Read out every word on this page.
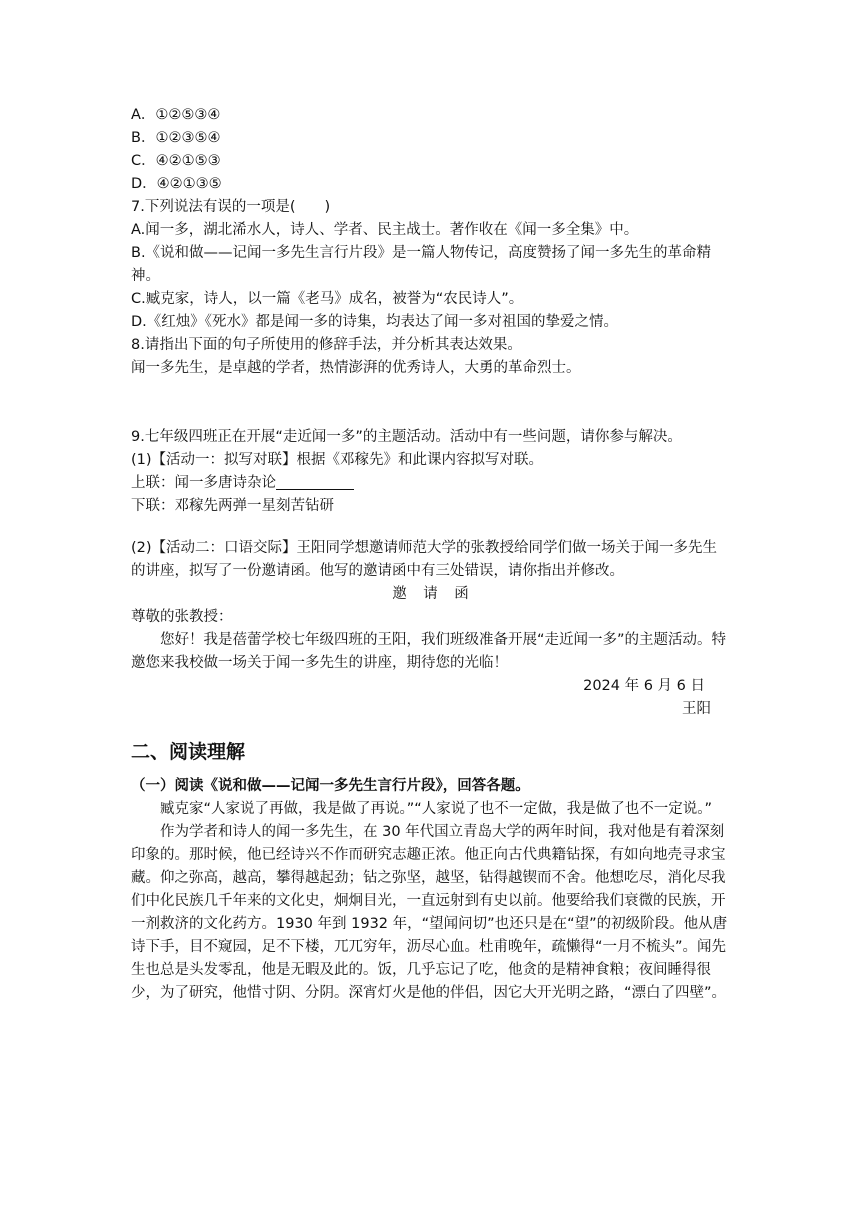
A．①②⑤③④

B．①②③⑤④

C．④②①⑤③

D．④②①③⑤

7.下列说法有误的一项是(　　)

A.闻一多，湖北浠水人，诗人、学者、民主战士。著作收在《闻一多全集》中。

B.《说和做——记闻一多先生言行片段》是一篇人物传记，高度赞扬了闻一多先生的革命精神。

C.臧克家，诗人，以一篇《老马》成名，被誉为“农民诗人”。

D.《红烛》《死水》都是闻一多的诗集，均表达了闻一多对祖国的挚爱之情。

8.请指出下面的句子所使用的修辞手法，并分析其表达效果。

闻一多先生，是卓越的学者，热情澎湃的优秀诗人，大勇的革命烈士。

9.七年级四班正在开展“走近闻一多”的主题活动。活动中有一些问题，请你参与解决。

(1)【活动一：拟写对联】根据《邓稼先》和此课内容拟写对联。

上联：闻一多唐诗杂论

下联：邓稼先两弹一星刻苦钻研

(2)【活动二：口语交际】王阳同学想邀请师范大学的张教授给同学们做一场关于闻一多先生的讲座，拟写了一份邀请函。他写的邀请函中有三处错误，请你指出并修改。

邀　请　函

尊敬的张教授：

您好！我是蓓蕾学校七年级四班的王阳，我们班级准备开展“走近闻一多”的主题活动。特邀您来我校做一场关于闻一多先生的讲座，期待您的光临！

2024 年 6 月 6 日

王阳

二、阅读理解

（一）阅读《说和做——记闻一多先生言行片段》，回答各题。

臧克家“人家说了再做，我是做了再说。”“人家说了也不一定做，我是做了也不一定说。”

作为学者和诗人的闻一多先生，在 30 年代国立青岛大学的两年时间，我对他是有着深刻印象的。那时候，他已经诗兴不作而研究志趣正浓。他正向古代典籍钻探，有如向地壳寻求宝藏。仰之弥高，越高，攀得越起劲；钻之弥坚，越坚，钻得越锲而不舍。他想吃尽，消化尽我们中化民族几千年来的文化史，炯炯目光，一直远射到有史以前。他要给我们衰微的民族，开一剂救济的文化药方。1930 年到 1932 年，“望闻问切”也还只是在“望”的初级阶段。他从唐诗下手，目不窥园，足不下楼，兀兀穷年，沥尽心血。杜甫晚年，疏懒得“一月不梳头”。闻先生也总是头发零乱，他是无暇及此的。饭，几乎忘记了吃，他贪的是精神食粮；夜间睡得很少，为了研究，他惜寸阴、分阴。深宵灯火是他的伴侣，因它大开光明之路，“漂白了四壁”。
